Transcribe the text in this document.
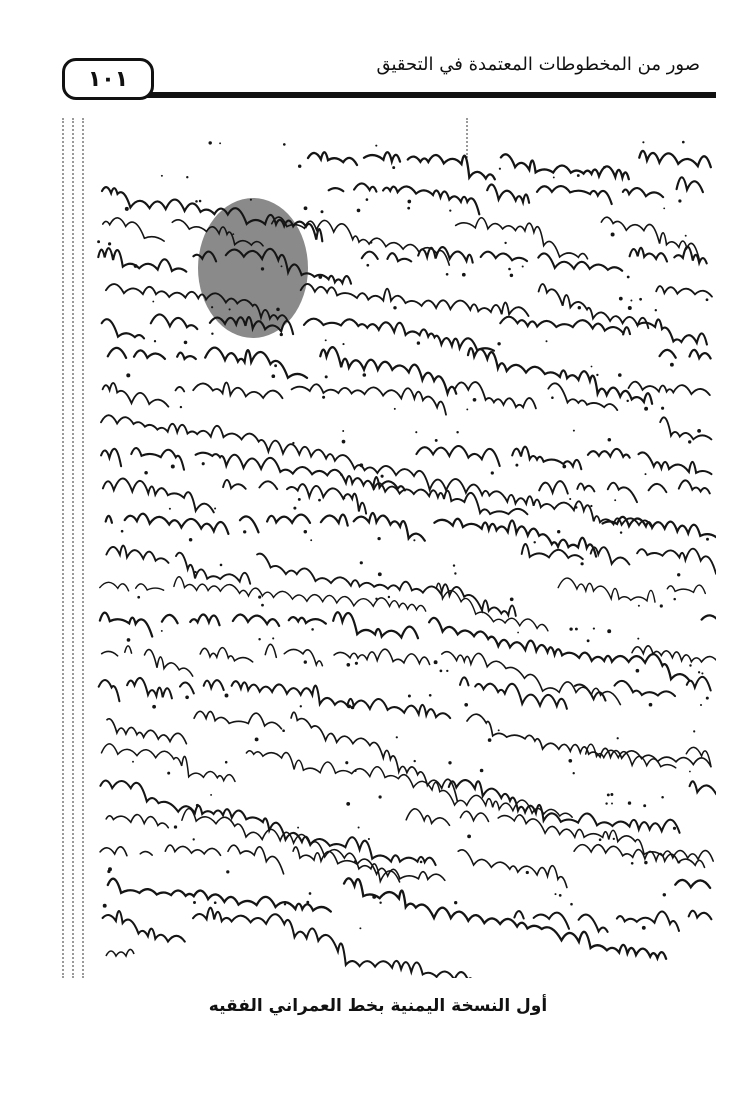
١٠١
صور من المخطوطات المعتمدة في التحقيق
أول النسخة اليمنية بخط العمراني الفقيه
